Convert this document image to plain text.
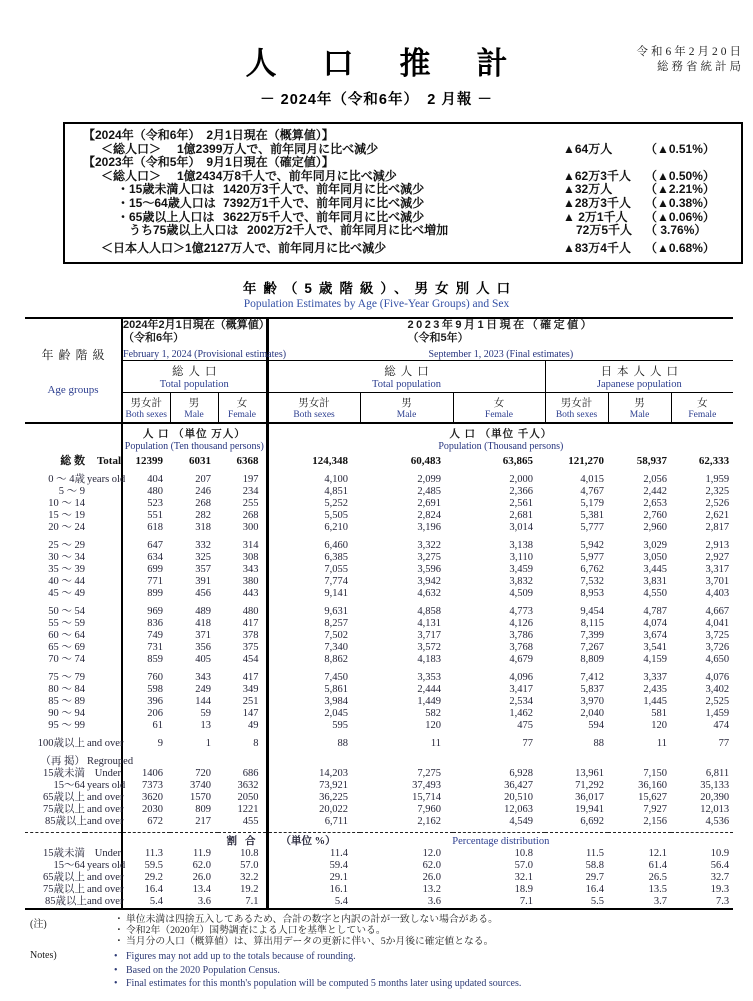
令和6年2月20日
総務省統計局
人口推計
－ 2024年（令和6年）　2 月報 －
【2024年（令和6年）　2月1日現在（概算値）】
＜総人口＞	1億2399万人で、前年同月に比べ減少	▲64万人	（▲0.51%）
【2023年（令和5年）　9月1日現在（確定値）】
＜総人口＞	1億2434万8千人で、前年同月に比べ減少	▲62万3千人	（▲0.50%）
・15歳未満人口は 1420万3千人で、前年同月に比べ減少	▲32万人	（▲2.21%）
・15～64歳人口は 7392万1千人で、前年同月に比べ減少	▲28万3千人	（▲0.38%）
・65歳以上人口は 3622万5千人で、前年同月に比べ減少	▲ 2万1千人	（▲0.06%）
うち75歳以上人口は 2002万2千人で、前年同月に比べ増加	72万5千人	（ 3.76%）
＜日本人人口＞ 1億2127万人で、前年同月に比べ減少	▲83万4千人	（▲0.68%）
年齢（5歳階級）、男女別人口
Population Estimates by Age (Five-Year Groups) and Sex
年齢階級
Age groups

2024年2月1日現在（概算値）
（令和6年）
February 1, 2024 (Provisional estimates)

2023年9月1日現在（確定値）
（令和5年）
September 1, 2023 (Final estimates)

総人口
Total population

総人口
Total population

日本人人口
Japanese population

男女計
Both sexes

男
Male

女
Female

男女計
Both sexes

男
Male

女
Female

男女計
Both sexes

男
Male

女
Female

人 口 （単位 万人）
Population (Ten thousand persons)

人 口 （単位 千人）
Population (Thousand persons)

総 数	Total	12399	6031	6368	124,348	60,483	63,865	121,270	58,937	62,333
0 ～ 4歳	years old	404	207	197	4,100	2,099	2,000	4,015	2,056	1,959
5 ～ 9		480	246	234	4,851	2,485	2,366	4,767	2,442	2,325
10 ～ 14		523	268	255	5,252	2,691	2,561	5,179	2,653	2,526
15 ～ 19		551	282	268	5,505	2,824	2,681	5,381	2,760	2,621
20 ～ 24		618	318	300	6,210	3,196	3,014	5,777	2,960	2,817
25 ～ 29		647	332	314	6,460	3,322	3,138	5,942	3,029	2,913
30 ～ 34		634	325	308	6,385	3,275	3,110	5,977	3,050	2,927
35 ～ 39		699	357	343	7,055	3,596	3,459	6,762	3,445	3,317
40 ～ 44		771	391	380	7,774	3,942	3,832	7,532	3,831	3,701
45 ～ 49		899	456	443	9,141	4,632	4,509	8,953	4,550	4,403
50 ～ 54		969	489	480	9,631	4,858	4,773	9,454	4,787	4,667
55 ～ 59		836	418	417	8,257	4,131	4,126	8,115	4,074	4,041
60 ～ 64		749	371	378	7,502	3,717	3,786	7,399	3,674	3,725
65 ～ 69		731	356	375	7,340	3,572	3,768	7,267	3,541	3,726
70 ～ 74		859	405	454	8,862	4,183	4,679	8,809	4,159	4,650
75 ～ 79		760	343	417	7,450	3,353	4,096	7,412	3,337	4,076
80 ～ 84		598	249	349	5,861	2,444	3,417	5,837	2,435	3,402
85 ～ 89		396	144	251	3,984	1,449	2,534	3,970	1,445	2,525
90 ～ 94		206	59	147	2,045	582	1,462	2,040	581	1,459
95 ～ 99		61	13	49	595	120	475	594	120	474
100歳以上	and over	9	1	8	88	11	77	88	11	77
（再 掲）	Regrouped									
15歳未満	Under	1406	720	686	14,203	7,275	6,928	13,961	7,150	6,811
15～64	years old	7373	3740	3632	73,921	37,493	36,427	71,292	36,160	35,133
65歳以上	and over	3620	1570	2050	36,225	15,714	20,510	36,017	15,627	20,390
75歳以上	and over	2030	809	1221	20,022	7,960	12,063	19,941	7,927	12,013
85歳以上	and over	672	217	455	6,711	2,162	4,549	6,692	2,156	4,536

		割合			（単位 %） Percentage distribution					

15歳未満	Under	11.3	11.9	10.8	11.4	12.0	10.8	11.5	12.1	10.9
15～64	years old	59.5	62.0	57.0	59.4	62.0	57.0	58.8	61.4	56.4
65歳以上	and over	29.2	26.0	32.2	29.1	26.0	32.1	29.7	26.5	32.7
75歳以上	and over	16.4	13.4	19.2	16.1	13.2	18.9	16.4	13.5	19.3
85歳以上	and over	5.4	3.6	7.1	5.4	3.6	7.1	5.5	3.7	7.3
(注)	・ 単位未満は四捨五入してあるため、合計の数字と内訳の計が一致しない場合がある。
・ 令和2年（2020年）国勢調査による人口を基準としている。
・ 当月分の人口（概算値）は、算出用データの更新に伴い、5か月後に確定値となる。
Notes)	• Figures may not add up to the totals because of rounding.
• Based on the 2020 Population Census.
• Final estimates for this month's population will be computed 5 months later using updated sources.
